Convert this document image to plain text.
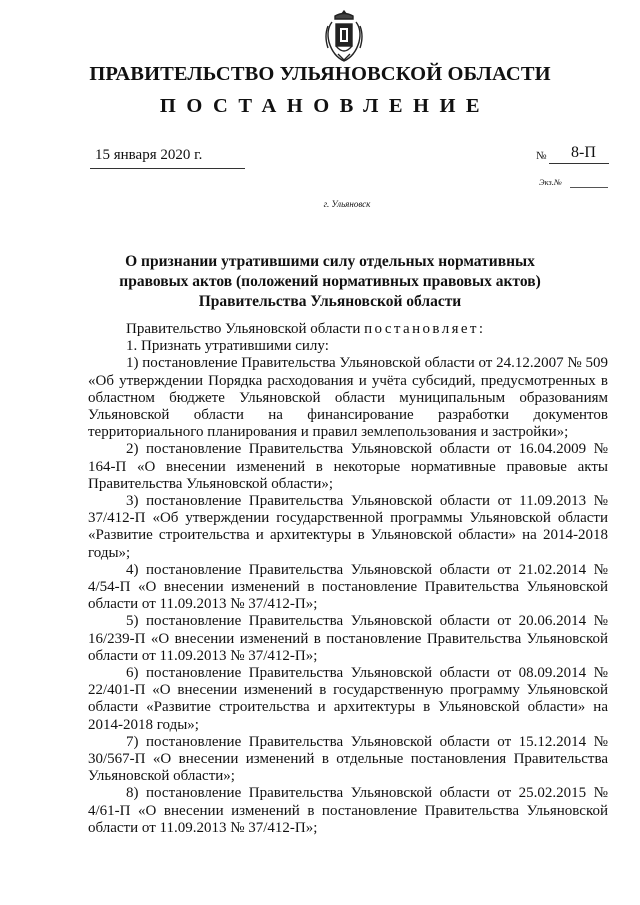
ПРАВИТЕЛЬСТВО УЛЬЯНОВСКОЙ ОБЛАСТИ
ПОСТАНОВЛЕНИЕ
15 января 2020 г.	№ 8-П
Экз.№
г. Ульяновск
О признании утратившими силу отдельных нормативных
правовых актов (положений нормативных правовых актов)
Правительства Ульяновской области

Правительство Ульяновской области постановляет:

1. Признать утратившими силу:

1) постановление Правительства Ульяновской области от 24.12.2007 № 509 «Об утверждении Порядка расходования и учёта субсидий, предусмотренных в областном бюджете Ульяновской области муниципальным образованиям Ульяновской области на финансирование разработки документов территориального планирования и правил землепользования и застройки»;

2) постановление Правительства Ульяновской области от 16.04.2009 № 164-П «О внесении изменений в некоторые нормативные правовые акты Правительства Ульяновской области»;

3) постановление Правительства Ульяновской области от 11.09.2013 № 37/412-П «Об утверждении государственной программы Ульяновской области «Развитие строительства и архитектуры в Ульяновской области» на 2014-2018 годы»;

4) постановление Правительства Ульяновской области от 21.02.2014 № 4/54-П «О внесении изменений в постановление Правительства Ульяновской области от 11.09.2013 № 37/412-П»;

5) постановление Правительства Ульяновской области от 20.06.2014 № 16/239-П «О внесении изменений в постановление Правительства Ульяновской области от 11.09.2013 № 37/412-П»;

6) постановление Правительства Ульяновской области от 08.09.2014 № 22/401-П «О внесении изменений в государственную программу Ульяновской области «Развитие строительства и архитектуры в Ульяновской области» на 2014-2018 годы»;

7) постановление Правительства Ульяновской области от 15.12.2014 № 30/567-П «О внесении изменений в отдельные постановления Правительства Ульяновской области»;

8) постановление Правительства Ульяновской области от 25.02.2015 № 4/61-П «О внесении изменений в постановление Правительства Ульяновской области от 11.09.2013 № 37/412-П»;
